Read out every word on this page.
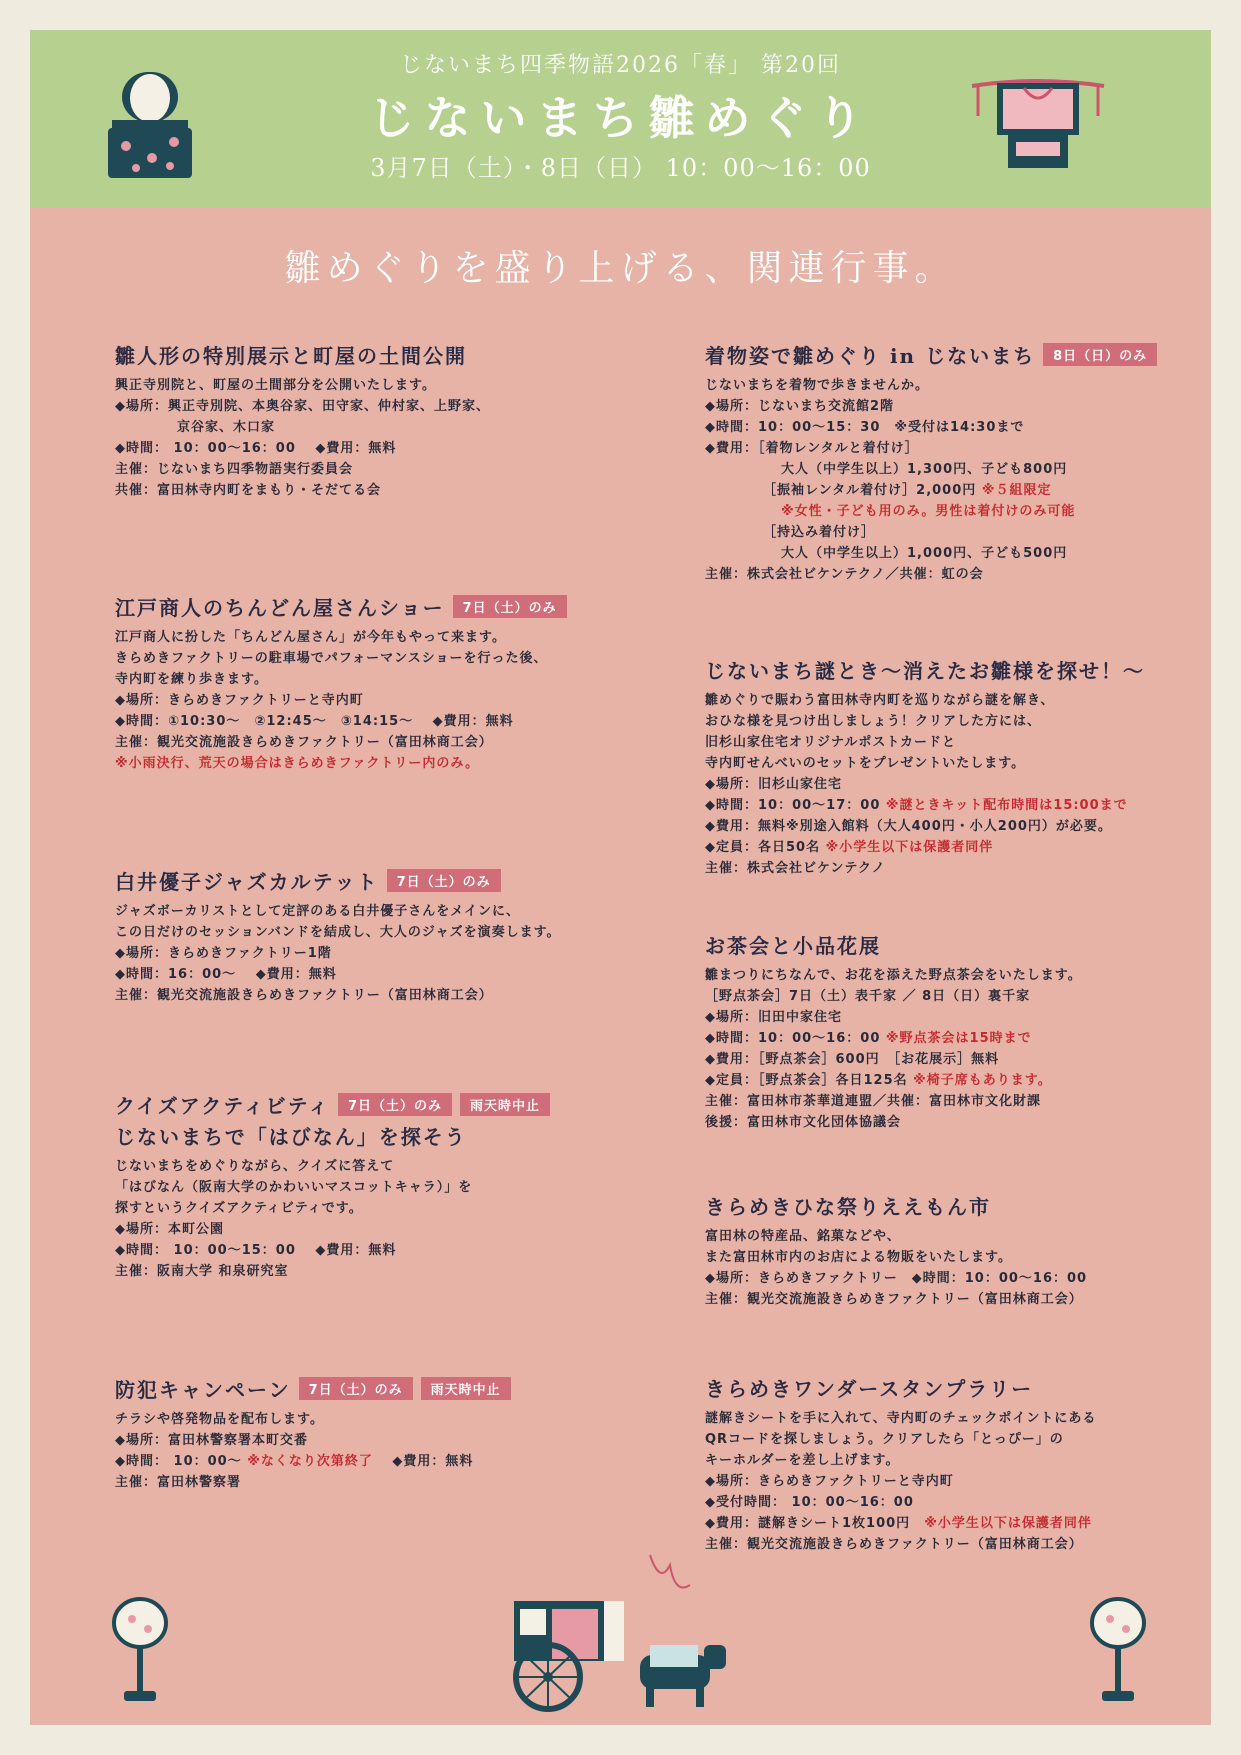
じないまち四季物語2026「春」 第20回
じないまち雛めぐり
3月7日（土）・8日（日） 10：00〜16：00
雛めぐりを盛り上げる、関連行事。
雛人形の特別展示と町屋の土間公開
興正寺別院と、町屋の土間部分を公開いたします。
◆場所：興正寺別院、本奥谷家、田守家、仲村家、上野家、
京谷家、木口家
◆時間： 10：00〜16：00　 ◆費用：無料
主催：じないまち四季物語実行委員会
共催：富田林寺内町をまもり・そだてる会
江戸商人のちんどん屋さんショー	7日（土）のみ
江戸商人に扮した「ちんどん屋さん」が今年もやって来ます。
きらめきファクトリーの駐車場でパフォーマンスショーを行った後、
寺内町を練り歩きます。
◆場所：きらめきファクトリーと寺内町
◆時間：①10:30〜　②12:45〜　③14:15〜　 ◆費用：無料
主催：観光交流施設きらめきファクトリー（富田林商工会）
※小雨決行、荒天の場合はきらめきファクトリー内のみ。
白井優子ジャズカルテット	7日（土）のみ
ジャズボーカリストとして定評のある白井優子さんをメインに、
この日だけのセッションバンドを結成し、大人のジャズを演奏します。
◆場所：きらめきファクトリー1階
◆時間：16：00〜　 ◆費用：無料
主催：観光交流施設きらめきファクトリー（富田林商工会）
クイズアクティビティ	7日（土）のみ	雨天時中止
じないまちで「はびなん」を探そう
じないまちをめぐりながら、クイズに答えて
「はびなん（阪南大学のかわいいマスコットキャラ）」を
探すというクイズアクティビティです。
◆場所：本町公園
◆時間： 10：00〜15：00　 ◆費用：無料
主催：阪南大学 和泉研究室
防犯キャンペーン	7日（土）のみ	雨天時中止
チラシや啓発物品を配布します。
◆場所：富田林警察署本町交番
◆時間： 10：00〜 ※なくなり次第終了　 ◆費用：無料
主催：富田林警察署
着物姿で雛めぐり in じないまち	8日（日）のみ
じないまちを着物で歩きませんか。
◆場所：じないまち交流館2階
◆時間：10：00〜15：30　※受付は14:30まで
◆費用：［着物レンタルと着付け］
大人（中学生以上）1,300円、子ども800円
［振袖レンタル着付け］2,000円 ※５組限定
※女性・子ども用のみ。男性は着付けのみ可能
［持込み着付け］
大人（中学生以上）1,000円、子ども500円
主催：株式会社ビケンテクノ／共催：虹の会
じないまち謎とき〜消えたお雛様を探せ！〜
雛めぐりで賑わう富田林寺内町を巡りながら謎を解き、
おひな様を見つけ出しましょう！クリアした方には、
旧杉山家住宅オリジナルポストカードと
寺内町せんべいのセットをプレゼントいたします。
◆場所：旧杉山家住宅
◆時間：10：00〜17：00 ※謎ときキット配布時間は15:00まで
◆費用：無料※別途入館料（大人400円・小人200円）が必要。
◆定員：各日50名 ※小学生以下は保護者同伴
主催：株式会社ビケンテクノ
お茶会と小品花展
雛まつりにちなんで、お花を添えた野点茶会をいたします。
［野点茶会］7日（土）表千家 ／ 8日（日）裏千家
◆場所：旧田中家住宅
◆時間：10：00〜16：00 ※野点茶会は15時まで
◆費用：［野点茶会］600円　［お花展示］無料
◆定員：［野点茶会］各日125名 ※椅子席もあります。
主催：富田林市茶華道連盟／共催：富田林市文化財課
後援：富田林市文化団体協議会
きらめきひな祭りええもん市
富田林の特産品、銘菓などや、
また富田林市内のお店による物販をいたします。
◆場所：きらめきファクトリー　◆時間：10：00〜16：00
主催：観光交流施設きらめきファクトリー（富田林商工会）
きらめきワンダースタンプラリー
謎解きシートを手に入れて、寺内町のチェックポイントにある
QRコードを探しましょう。クリアしたら「とっぴー」の
キーホルダーを差し上げます。
◆場所：きらめきファクトリーと寺内町
◆受付時間： 10：00〜16：00
◆費用：謎解きシート1枚100円　※小学生以下は保護者同伴
主催：観光交流施設きらめきファクトリー（富田林商工会）
